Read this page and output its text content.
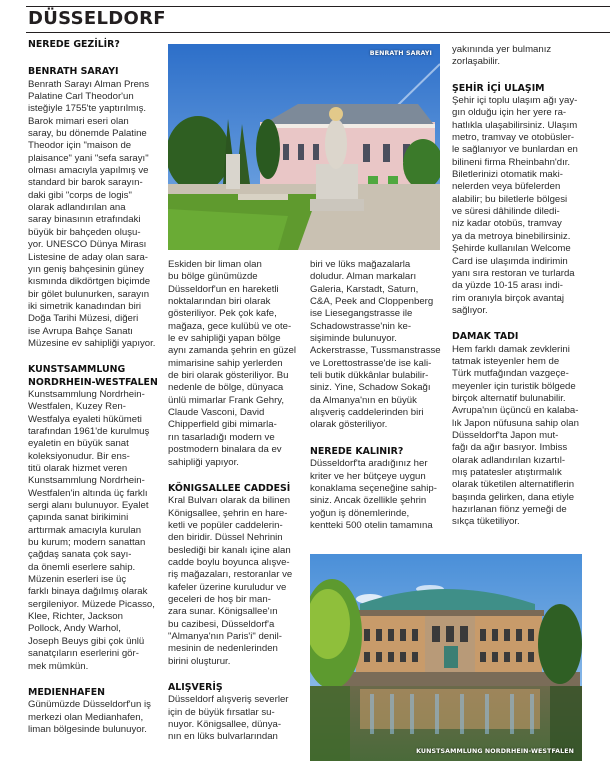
DÜSSELDORF
NEREDE GEZİLİR?
BENRATH SARAYI

Benrath Sarayı Alman Prens
Palatine Carl Theodor'un
isteğiyle 1755'te yaptırılmış.
Barok mimari eseri olan
saray, bu dönemde Palatine
Theodor için "maison de
plaisance" yani "sefa sarayı"
olması amacıyla yapılmış ve
standard bir barok sarayın-
daki gibi "corps de logis"
olarak adlandırılan ana
saray binasının etrafındaki
büyük bir bahçeden oluşu-
yor. UNESCO Dünya Mirası
Listesine de aday olan sara-
yın geniş bahçesinin güney
kısmında dikdörtgen biçimde
bir gölet bulunurken, sarayın
iki simetrik kanadından biri
Doğa Tarihi Müzesi, diğeri
ise Avrupa Bahçe Sanatı
Müzesine ev sahipliği yapıyor.

KUNSTSAMMLUNG
NORDRHEIN-WESTFALEN

Kunstsammlung Nordrhein-
Westfalen, Kuzey Ren-
Westfalya eyaleti hükümeti
tarafından 1961'de kurulmuş
eyaletin en büyük sanat
koleksiyonudur. Bir ens-
titü olarak hizmet veren
Kunstsammlung Nordrhein-
Westfalen'in altında üç farklı
sergi alanı bulunuyor. Eyalet
çapında sanat birikimini
arttırmak amacıyla kurulan
bu kurum; modern sanattan
çağdaş sanata çok sayı-
da önemli eserlere sahip.
Müzenin eserleri ise üç
farklı binaya dağılmış olarak
sergileniyor. Müzede Picasso,
Klee, Richter, Jackson
Pollock, Andy Warhol,
Joseph Beuys gibi çok ünlü
sanatçıların eserlerini gör-
mek mümkün.

MEDIENHAFEN

Günümüzde Düsseldorf'un iş
merkezi olan Medianhafen,
liman bölgesinde bulunuyor.

BENRATH SARAYI

Eskiden bir liman olan
bu bölge günümüzde
Düsseldorf'un en hareketli
noktalarından biri olarak
gösteriliyor. Pek çok kafe,
mağaza, gece kulübü ve ote-
le ev sahipliği yapan bölge
aynı zamanda şehrin en güzel
mimarisine sahip yerlerden
de biri olarak gösteriliyor. Bu
nedenle de bölge, dünyaca
ünlü mimarlar Frank Gehry,
Claude Vasconi, David
Chipperfield gibi mimarla-
rın tasarladığı modern ve
postmodern binalara da ev
sahipliği yapıyor.

KÖNIGSALLEE CADDESİ

Kral Bulvarı olarak da bilinen
Königsallee, şehrin en hare-
ketli ve popüler caddelerin-
den biridir. Düssel Nehrinin
beslediği bir kanalı içine alan
cadde boylu boyunca alışve-
riş mağazaları, restoranlar ve
kafeler üzerine kuruludur ve
geceleri de hoş bir man-
zara sunar. Königsallee'ın
bu cazibesi, Düsseldorf'a
"Almanya'nın Paris'i" denil-
mesinin de nedenlerinden
birini oluşturur.

ALIŞVERİŞ

Düsseldorf alışveriş severler
için de büyük fırsatlar su-
nuyor. Königsallee, dünya-
nın en lüks bulvarlarından

biri ve lüks mağazalarla
doludur. Alman markaları
Galeria, Karstadt, Saturn,
C&A, Peek and Cloppenberg
ise Liesegangstrasse ile
Schadowstrasse'nin ke-
sişiminde bulunuyor.
Ackerstrasse, Tussmanstrasse
ve Lorettostrasse'de ise kali-
teli butik dükkânlar bulabilir-
siniz. Yine, Schadow Sokağı
da Almanya'nın en büyük
alışveriş caddelerinden biri
olarak gösteriliyor.

NEREDE KALINIR?

Düsseldorf'ta aradığınız her
kriter ve her bütçeye uygun
konaklama seçeneğine sahip-
siniz. Ancak özellikle şehrin
yoğun iş dönemlerinde,
kentteki 500 otelin tamamına

yakınında yer bulmanız
zorlaşabilir.

ŞEHİR İÇİ ULAŞIM

Şehir içi toplu ulaşım ağı yay-
gın olduğu için her yere ra-
hatlıkla ulaşabilirsiniz. Ulaşım
metro, tramvay ve otobüsler-
le sağlanıyor ve bunlardan en
bilineni firma Rheinbahn'dır.
Biletlerinizi otomatik maki-
nelerden veya büfelerden
alabilir; bu biletlerle bölgesi
ve süresi dâhilinde diledi-
niz kadar otobüs, tramvay
ya da metroya binebilirsiniz.
Şehirde kullanılan Welcome
Card ise ulaşımda indirimin
yanı sıra restoran ve turlarda
da yüzde 10-15 arası indi-
rim oranıyla birçok avantaj
sağlıyor.

DAMAK TADI

Hem farklı damak zevklerini
tatmak isteyenler hem de
Türk mutfağından vazgeçe-
meyenler için turistik bölgede
birçok alternatif bulunabilir.
Avrupa'nın üçüncü en kalaba-
lık Japon nüfusuna sahip olan
Düsseldorf'ta Japon mut-
fağı da ağır basıyor. Imbiss
olarak adlandırılan kızartıl-
mış patatesler atıştırmalık
olarak tüketilen alternatiflerin
başında gelirken, dana etiyle
hazırlanan fiönz yemeği de
sıkça tüketiliyor.

KUNSTSAMMLUNG NORDRHEIN-WESTFALEN
